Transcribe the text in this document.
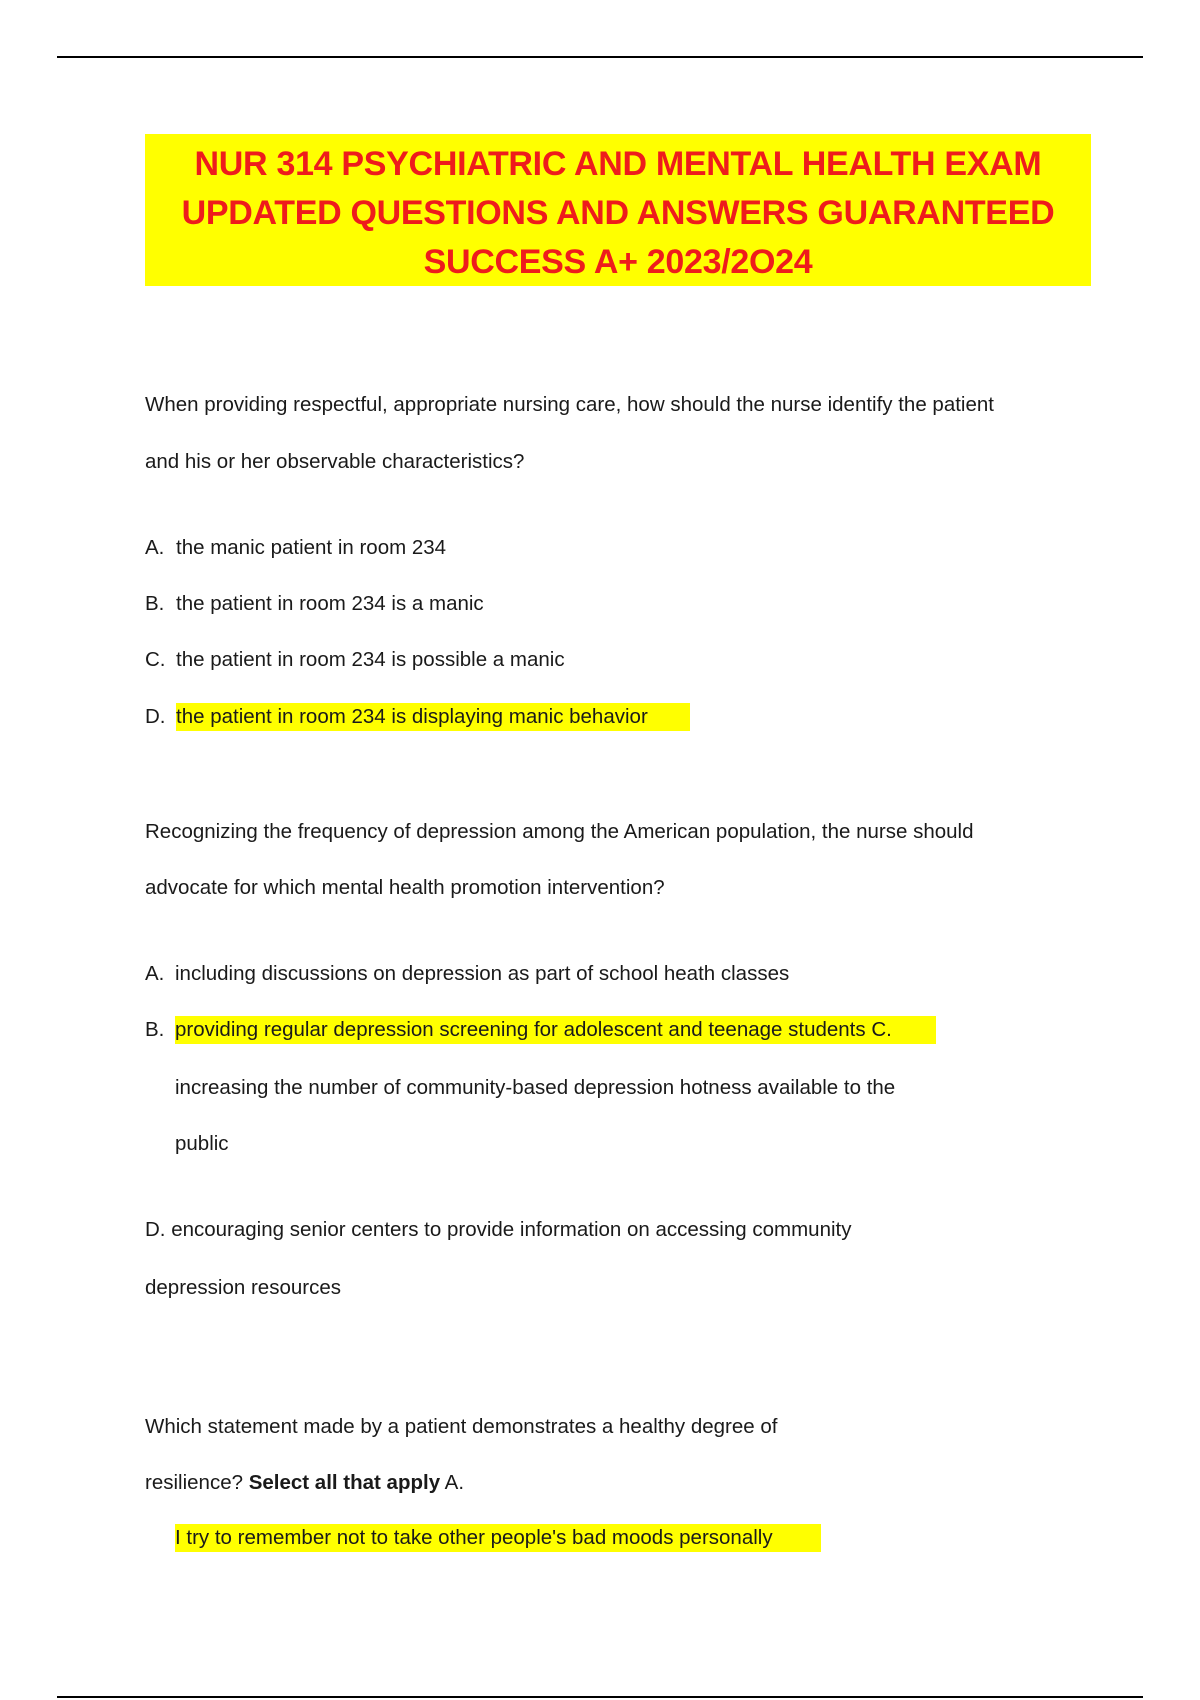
NUR 314 PSYCHIATRIC AND MENTAL HEALTH EXAM
UPDATED QUESTIONS AND ANSWERS GUARANTEED
SUCCESS A+ 2023/2O24
When providing respectful, appropriate nursing care, how should the nurse identify the patient
and his or her observable characteristics?
A. the manic patient in room 234
B. the patient in room 234 is a manic
C. the patient in room 234 is possible a manic
D. the patient in room 234 is displaying manic behavior
Recognizing the frequency of depression among the American population, the nurse should
advocate for which mental health promotion intervention?
A. including discussions on depression as part of school heath classes
B. providing regular depression screening for adolescent and teenage students C.
increasing the number of community-based depression hotness available to the
public
D. encouraging senior centers to provide information on accessing community
depression resources
Which statement made by a patient demonstrates a healthy degree of
resilience? Select all that apply A.
I try to remember not to take other people's bad moods personally
